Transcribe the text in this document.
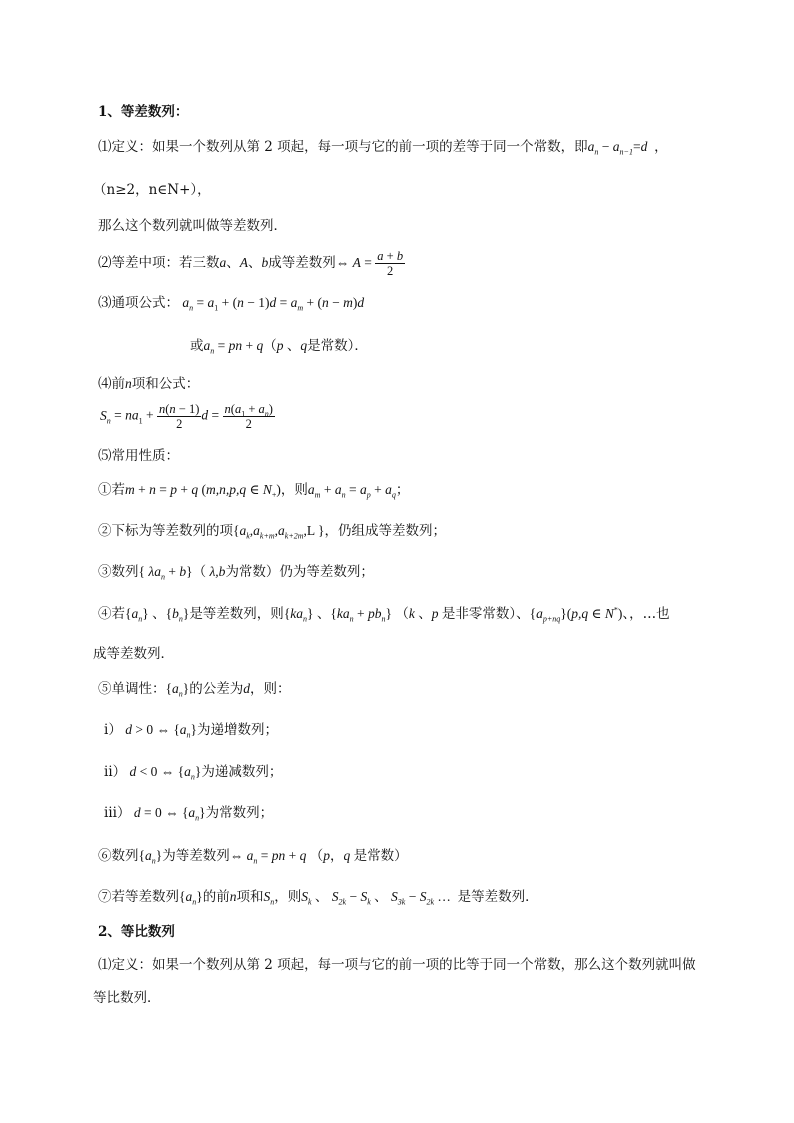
1、等差数列：
⑴定义：如果一个数列从第 2 项起，每一项与它的前一项的差等于同一个常数，即$a_n - a_{n-1}=d$  ，
（n≥2，n∈N+），
那么这个数列就叫做等差数列．
⑵等差中项：若三数a、A、b成等差数列⇔ $A = \frac{a + b}{2}$
⑶通项公式： $a_n = a_1 + (n - 1)d = a_m + (n - m)d$
或$a_n$ = pn + q（p 、q是常数）．
⑷前n项和公式：
$S_n = na_1 + \frac{n(n - 1)}{2}$ $d = \frac{n(a_1 + a_n)}{2}$
⑸常用性质：
①若m + n = p + q (m,n,p,q ∈ $N_+$)，则$a_m + a_n = a_p + a_q$；
②下标为等差数列的项{$a_k,a_{k+m},a_{k+2m},L$ }，仍组成等差数列；
③数列{ $\lambda a_n + b$}（ λ,b为常数）仍为等差数列；
④若$\{a_n\}$ 、$\{b_n\}$是等差数列，则$\{ka_n\}$ 、$\{ka_n + pb_n\}$ （k 、p 是非零常数）、$\{a_{p+nq}\}(p,q$ ∈ N*)、，…也
成等差数列．
⑤单调性：$\{a_n\}$的公差为d，则：
ⅰ） d > 0 ⇔ $\{a_n\}$为递增数列；
ⅱ） d < 0 ⇔ $\{a_n\}$为递减数列；
ⅲ） d = 0 ⇔ $\{a_n\}$为常数列；
⑥数列$\{a_n\}$为等差数列⇔ $a_n$ = pn + q （p，q 是常数）
⑦若等差数列$\{a_n\}$的前n项和$S_n$，则$S_k$ 、 $S_{2k} - S_k$ 、 $S_{3k} - S_{2k}$ …  是等差数列．
2、等比数列
⑴定义：如果一个数列从第 2 项起，每一项与它的前一项的比等于同一个常数，那么这个数列就叫做
等比数列．
